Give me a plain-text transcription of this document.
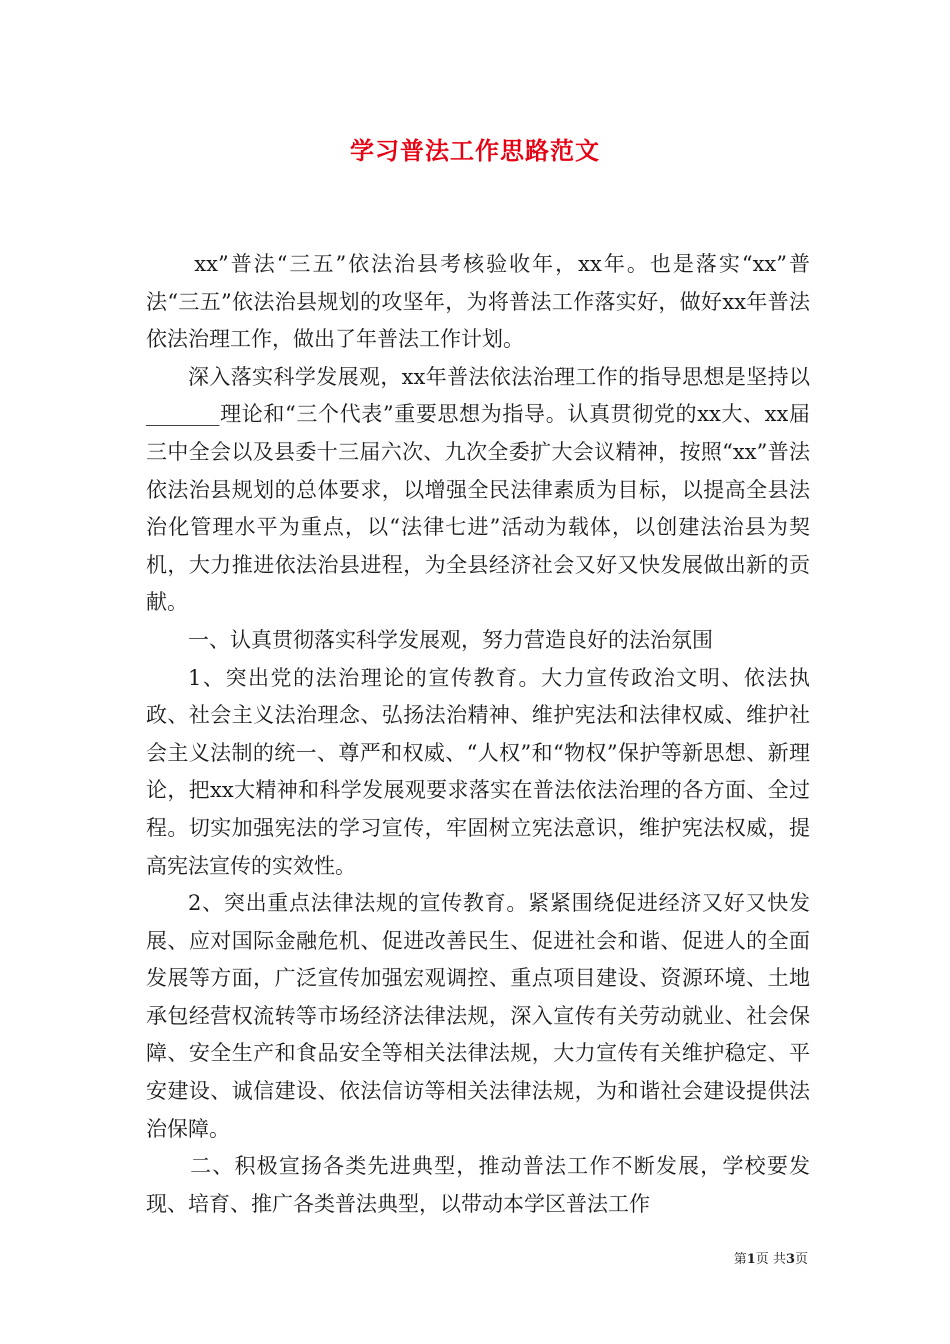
学习普法工作思路范文

xx”普法“三五”依法治县考核验收年，xx年。也是落实“xx”普法“三五”依法治县规划的攻坚年，为将普法工作落实好，做好xx年普法依法治理工作，做出了年普法工作计划。

深入落实科学发展观，xx年普法依法治理工作的指导思想是坚持以_______理论和“三个代表”重要思想为指导。认真贯彻党的xx大、xx届三中全会以及县委十三届六次、九次全委扩大会议精神，按照“xx”普法依法治县规划的总体要求，以增强全民法律素质为目标，以提高全县法治化管理水平为重点，以“法律七进”活动为载体，以创建法治县为契机，大力推进依法治县进程，为全县经济社会又好又快发展做出新的贡献。

一、认真贯彻落实科学发展观，努力营造良好的法治氛围

1、突出党的法治理论的宣传教育。大力宣传政治文明、依法执政、社会主义法治理念、弘扬法治精神、维护宪法和法律权威、维护社会主义法制的统一、尊严和权威、“人权”和“物权”保护等新思想、新理论，把xx大精神和科学发展观要求落实在普法依法治理的各方面、全过程。切实加强宪法的学习宣传，牢固树立宪法意识，维护宪法权威，提高宪法宣传的实效性。

2、突出重点法律法规的宣传教育。紧紧围绕促进经济又好又快发展、应对国际金融危机、促进改善民生、促进社会和谐、促进人的全面发展等方面，广泛宣传加强宏观调控、重点项目建设、资源环境、土地承包经营权流转等市场经济法律法规，深入宣传有关劳动就业、社会保障、安全生产和食品安全等相关法律法规，大力宣传有关维护稳定、平安建设、诚信建设、依法信访等相关法律法规，为和谐社会建设提供法治保障。

二、积极宣扬各类先进典型，推动普法工作不断发展，学校要发现、培育、推广各类普法典型，以带动本学区普法工作

第1页 共3页
